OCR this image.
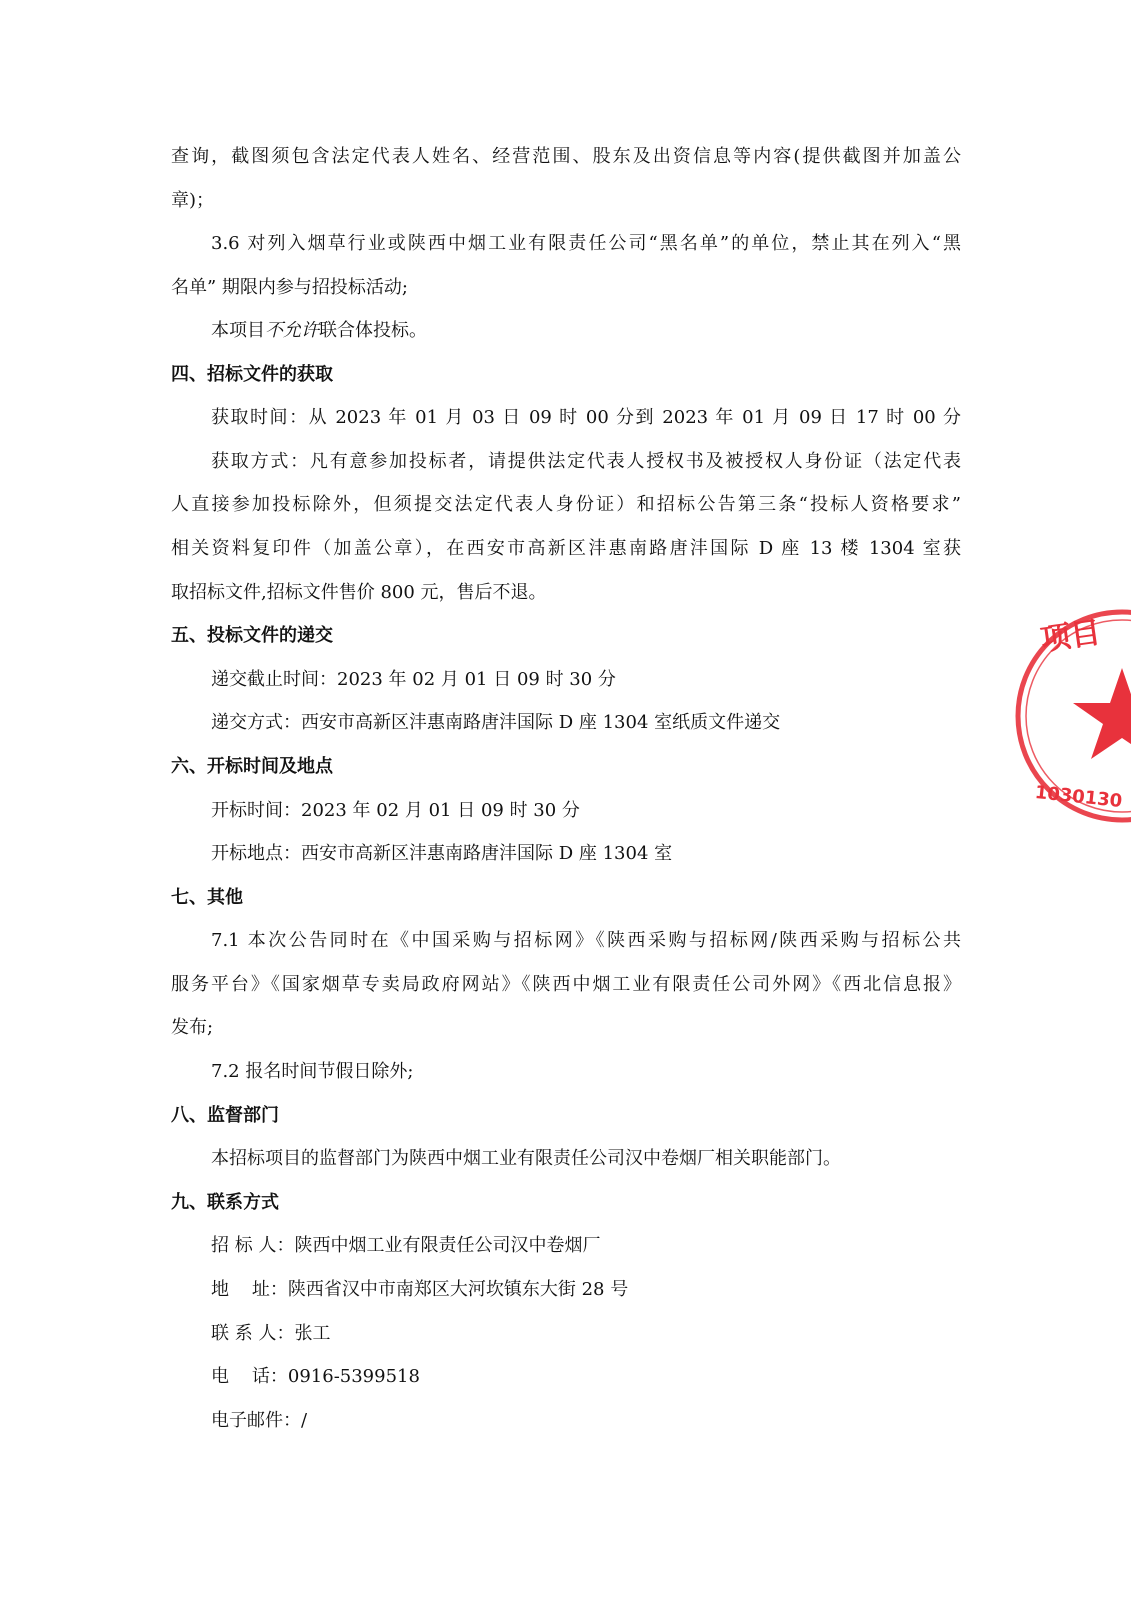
查询，截图须包含法定代表人姓名、经营范围、股东及出资信息等内容(提供截图并加盖公
章)；
3.6 对列入烟草行业或陕西中烟工业有限责任公司“黑名单”的单位，禁止其在列入“黑
名单” 期限内参与招投标活动;
本项目不允许联合体投标。
四、招标文件的获取
获取时间：从 2023 年 01 月 03 日 09 时 00 分到 2023 年 01 月 09 日 17 时 00 分
获取方式：凡有意参加投标者，请提供法定代表人授权书及被授权人身份证（法定代表
人直接参加投标除外，但须提交法定代表人身份证）和招标公告第三条“投标人资格要求”
相关资料复印件（加盖公章），在西安市高新区沣惠南路唐沣国际 D 座 13 楼 1304 室获
取招标文件,招标文件售价 800 元，售后不退。
五、投标文件的递交
递交截止时间：2023 年 02 月 01 日 09 时 30 分
递交方式：西安市高新区沣惠南路唐沣国际 D 座 1304 室纸质文件递交
六、开标时间及地点
开标时间：2023 年 02 月 01 日 09 时 30 分
开标地点：西安市高新区沣惠南路唐沣国际 D 座 1304 室
七、其他
7.1 本次公告同时在《中国采购与招标网》《陕西采购与招标网/陕西采购与招标公共
服务平台》《国家烟草专卖局政府网站》《陕西中烟工业有限责任公司外网》《西北信息报》
发布;
7.2 报名时间节假日除外;
八、监督部门
本招标项目的监督部门为陕西中烟工业有限责任公司汉中卷烟厂相关职能部门。
九、联系方式
招 标 人：陕西中烟工业有限责任公司汉中卷烟厂
地    址：陕西省汉中市南郑区大河坎镇东大街 28 号
联 系 人：张工
电    话：0916-5399518
电子邮件：/
项目
1030130
